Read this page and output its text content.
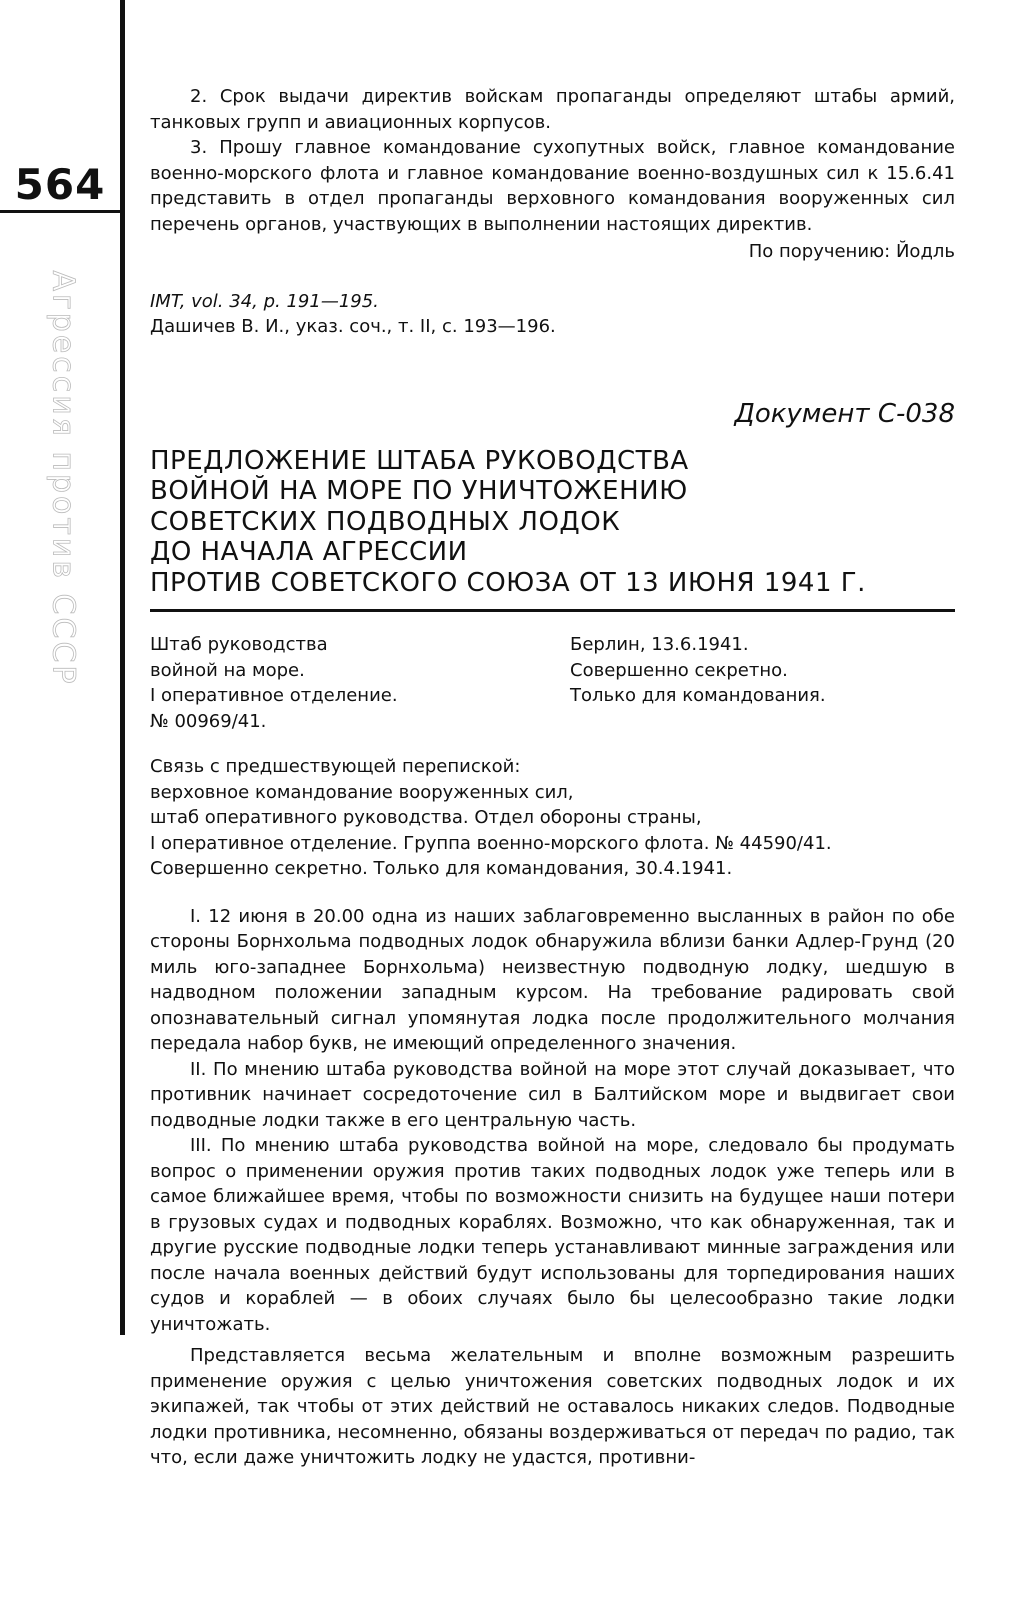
564
Агрессия против СССР

2. Срок выдачи директив войскам пропаганды определяют штабы армий, танковых групп и авиационных корпусов.

3. Прошу главное командование сухопутных войск, главное командование военно-морского флота и главное командование военно-воздушных сил к 15.6.41 представить в отдел пропаганды верховного командования вооруженных сил перечень органов, участвующих в выполнении настоящих директив.

По поручению: Йодль
IMT, vol. 34, p. 191—195.
Дашичев В. И., указ. соч., т. II, с. 193—196.
Документ С-038
ПРЕДЛОЖЕНИЕ ШТАБА РУКОВОДСТВА
ВОЙНОЙ НА МОРЕ ПО УНИЧТОЖЕНИЮ
СОВЕТСКИХ ПОДВОДНЫХ ЛОДОК
ДО НАЧАЛА АГРЕССИИ
ПРОТИВ СОВЕТСКОГО СОЮЗА ОТ 13 ИЮНЯ 1941 Г.
Штаб руководства
войной на море.
I оперативное отделение.
№ 00969/41.
Берлин, 13.6.1941.
Совершенно секретно.
Только для командования.
Связь с предшествующей перепиской:
верховное командование вооруженных сил,
штаб оперативного руководства. Отдел обороны страны,
I оперативное отделение. Группа военно-морского флота. № 44590/41.
Совершенно секретно. Только для командования, 30.4.1941.

I. 12 июня в 20.00 одна из наших заблаговременно высланных в район по обе стороны Борнхольма подводных лодок обнаружила вблизи банки Адлер-Грунд (20 миль юго-западнее Борнхольма) неизвестную подводную лодку, шедшую в надводном положении западным курсом. На требование радировать свой опознавательный сигнал упомянутая лодка после продолжительного молчания передала набор букв, не имеющий определенного значения.

II. По мнению штаба руководства войной на море этот случай доказывает, что противник начинает сосредоточение сил в Балтийском море и выдвигает свои подводные лодки также в его центральную часть.

III. По мнению штаба руководства войной на море, следовало бы продумать вопрос о применении оружия против таких подводных лодок уже теперь или в самое ближайшее время, чтобы по возможности снизить на будущее наши потери в грузовых судах и подводных кораблях. Возможно, что как обнаруженная, так и другие русские подводные лодки теперь устанавливают минные заграждения или после начала военных действий будут использованы для торпедирования наших судов и кораблей — в обоих случаях было бы целесообразно такие лодки уничтожать.

Представляется весьма желательным и вполне возможным разрешить применение оружия с целью уничтожения советских подводных лодок и их экипажей, так чтобы от этих действий не оставалось никаких следов. Подводные лодки противника, несомненно, обязаны воздерживаться от передач по радио, так что, если даже уничтожить лодку не удастся, противни-
